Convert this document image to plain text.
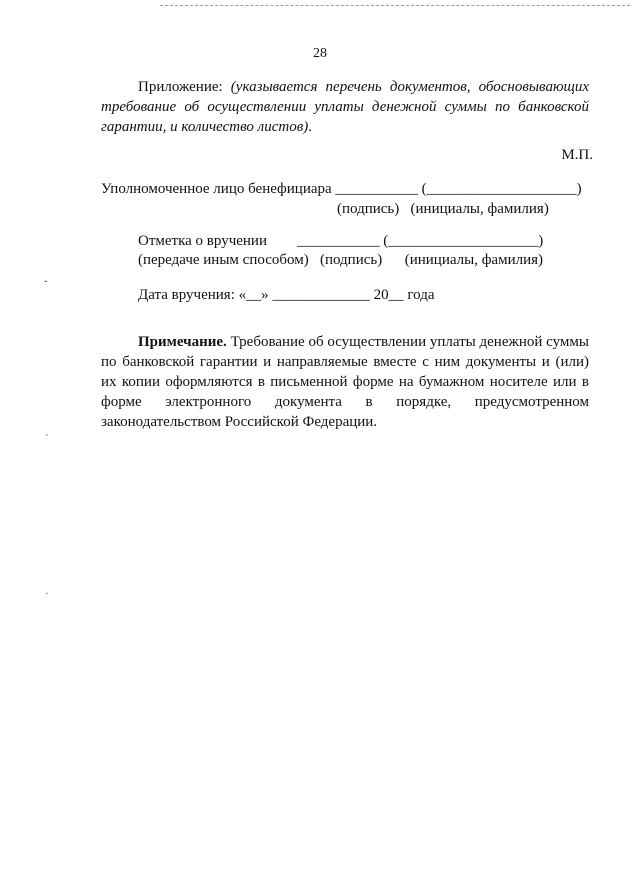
28

Приложение: (указывается перечень документов, обосновывающих требование об осуществлении уплаты денежной суммы по банковской гарантии, и количество листов).

М.П.
Уполномоченное лицо бенефициара ___________ (____________________)
(подпись)   (инициалы, фамилия)
Отметка о вручении        ___________ (____________________)
(передаче иным способом)   (подпись)      (инициалы, фамилия)
Дата вручения: «__» _____________ 20__ года

Примечание. Требование об осуществлении уплаты денежной суммы по банковской гарантии и направляемые вместе с ним документы и (или) их копии оформляются в письменной форме на бумажном носителе или в форме электронного документа в порядке, предусмотренном законодательством Российской Федерации.

ˇ
ˋ
·
